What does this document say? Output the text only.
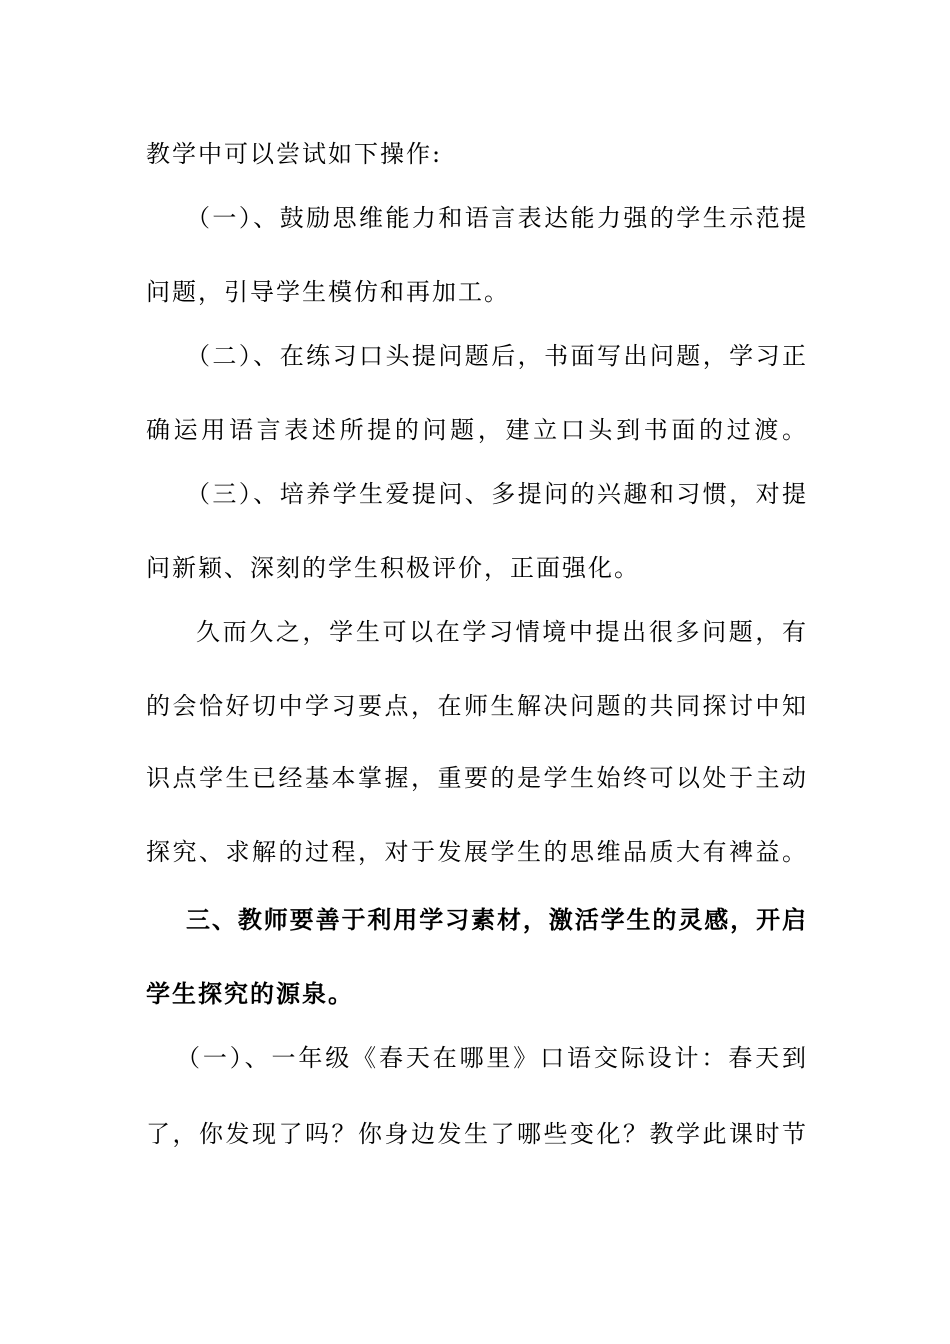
教学中可以尝试如下操作:
（一）、鼓励思维能力和语言表达能力强的学生示范提
问题，引导学生模仿和再加工。
（二）、在练习口头提问题后，书面写出问题，学习正
确运用语言表述所提的问题，建立口头到书面的过渡。
（三）、培养学生爱提问、多提问的兴趣和习惯，对提
问新颖、深刻的学生积极评价，正面强化。
久而久之，学生可以在学习情境中提出很多问题，有
的会恰好切中学习要点，在师生解决问题的共同探讨中知
识点学生已经基本掌握，重要的是学生始终可以处于主动
探究、求解的过程，对于发展学生的思维品质大有裨益。
三、教师要善于利用学习素材，激活学生的灵感，开启
学生探究的源泉。
（一）、一年级《春天在哪里》口语交际设计：春天到
了，你发现了吗？你身边发生了哪些变化？教学此课时节
